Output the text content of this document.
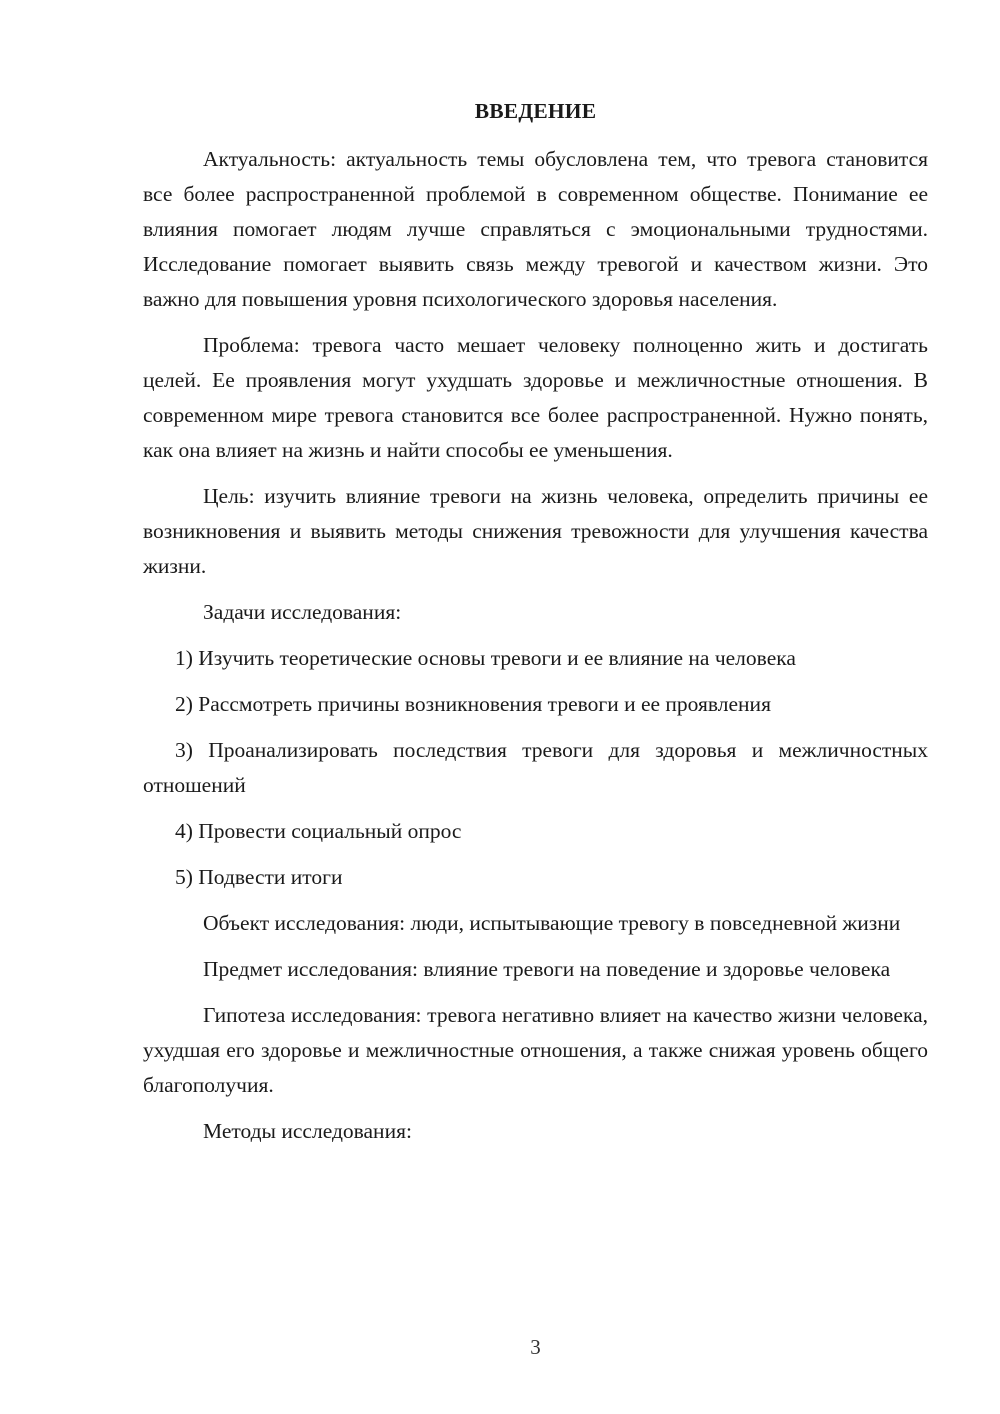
ВВЕДЕНИЕ

Актуальность: актуальность темы обусловлена тем, что тревога становится все более распространенной проблемой в современном обществе. Понимание ее влияния помогает людям лучше справляться с эмоциональными трудностями. Исследование помогает выявить связь между тревогой и качеством жизни. Это важно для повышения уровня психологического здоровья населения.

Проблема: тревога часто мешает человеку полноценно жить и достигать целей. Ее проявления могут ухудшать здоровье и межличностные отношения. В современном мире тревога становится все более распространенной. Нужно понять, как она влияет на жизнь и найти способы ее уменьшения.

Цель: изучить влияние тревоги на жизнь человека, определить причины ее возникновения и выявить методы снижения тревожности для улучшения качества жизни.

Задачи исследования:

1) Изучить теоретические основы тревоги и ее влияние на человека

2) Рассмотреть причины возникновения тревоги и ее проявления

3) Проанализировать последствия тревоги для здоровья и межличностных отношений

4) Провести социальный опрос

5) Подвести итоги

Объект исследования: люди, испытывающие тревогу в повседневной жизни

Предмет исследования: влияние тревоги на поведение и здоровье человека

Гипотеза исследования: тревога негативно влияет на качество жизни человека, ухудшая его здоровье и межличностные отношения, а также снижая уровень общего благополучия.

Методы исследования:

3
